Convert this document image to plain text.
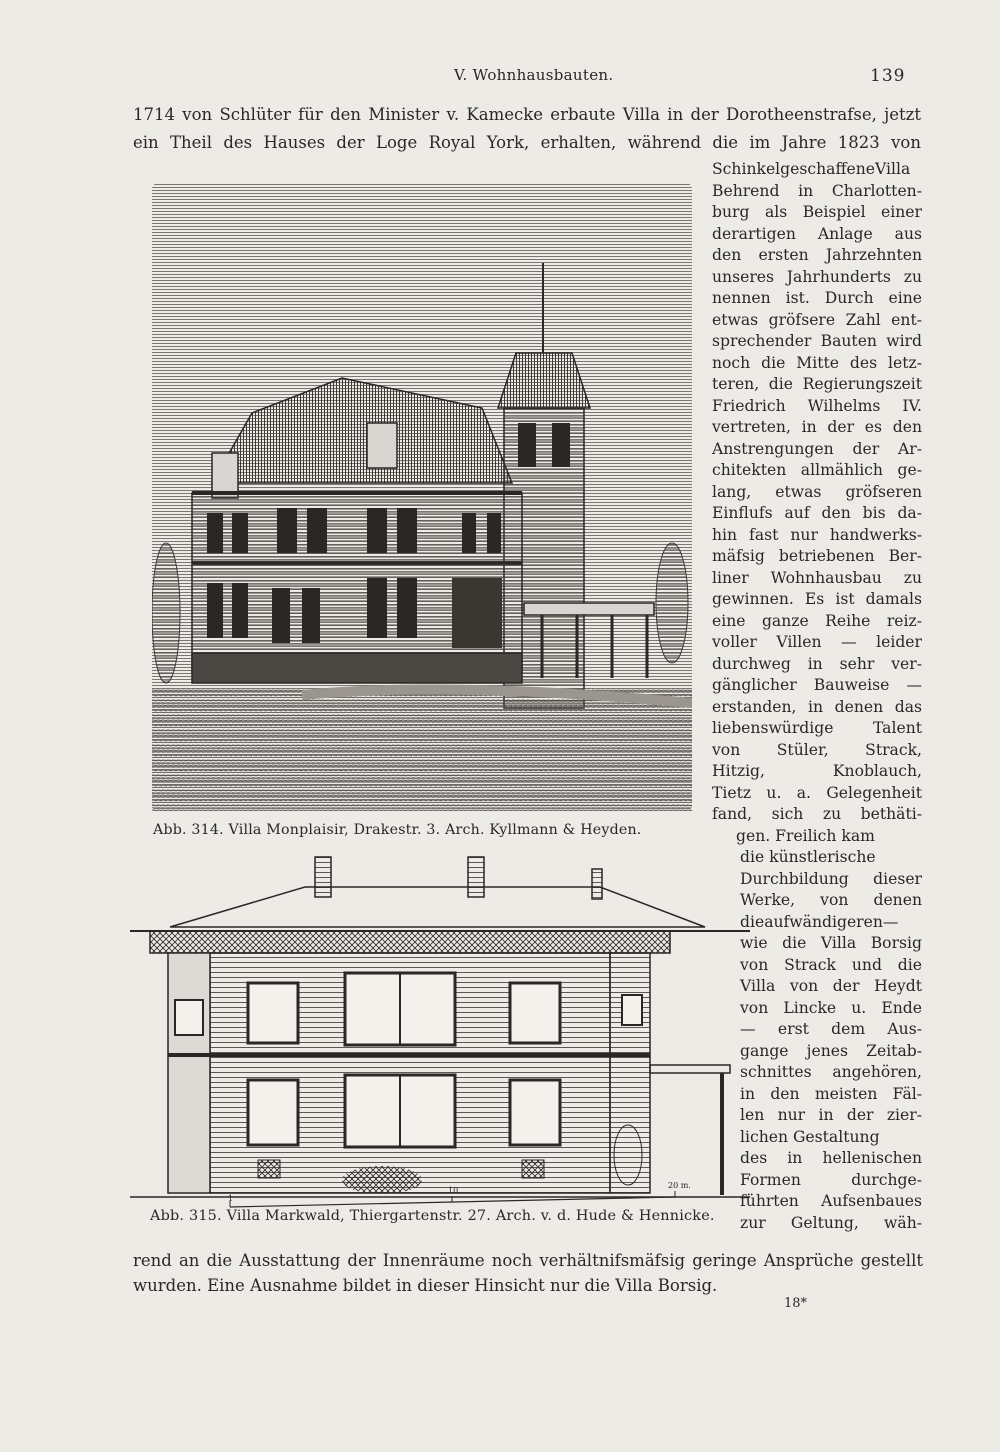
V. Wohnhausbauten.	139
1714 von Schlüter für den Minister v. Kamecke erbaute Villa in der Dorotheenstrafse, jetzt
ein Theil des Hauses der Loge Royal York, erhalten, während die im Jahre 1823 von
Abb. 314. Villa Monplaisir, Drakestr. 3. Arch. Kyllmann & Heyden.
1
10
20 m.
Abb. 315. Villa Markwald, Thiergartenstr. 27. Arch. v. d. Hude & Hennicke.
SchinkelgeschaffeneVilla
Behrend in Charlotten-
burg als Beispiel einer
derartigen Anlage aus
den ersten Jahrzehnten
unseres Jahrhunderts zu
nennen ist. Durch eine
etwas gröfsere Zahl ent-
sprechender Bauten wird
noch die Mitte des letz-
teren, die Regierungszeit
Friedrich Wilhelms IV.
vertreten, in der es den
Anstrengungen der Ar-
chitekten allmählich ge-
lang, etwas gröfseren
Einflufs auf den bis da-
hin fast nur handwerks-
mäfsig betriebenen Ber-
liner Wohnhausbau zu
gewinnen. Es ist damals
eine ganze Reihe reiz-
voller Villen — leider
durchweg in sehr ver-
gänglicher Bauweise —
erstanden, in denen das
liebenswürdige Talent
von Stüler, Strack,
Hitzig, Knoblauch,
Tietz u. a. Gelegenheit
fand, sich zu bethäti-
gen. Freilich kam
die künstlerische
Durchbildung dieser
Werke, von denen
dieaufwändigeren—
wie die Villa Borsig
von Strack und die
Villa von der Heydt
von Lincke u. Ende
— erst dem Aus-
gange jenes Zeitab-
schnittes angehören,
in den meisten Fäl-
len nur in der zier-
lichen Gestaltung
des in hellenischen
Formen durchge-
führten Aufsenbaues
zur Geltung, wäh-
rend an die Ausstattung der Innenräume noch verhältnifsmäfsig geringe Ansprüche gestellt
wurden. Eine Ausnahme bildet in dieser Hinsicht nur die Villa Borsig.
18*
